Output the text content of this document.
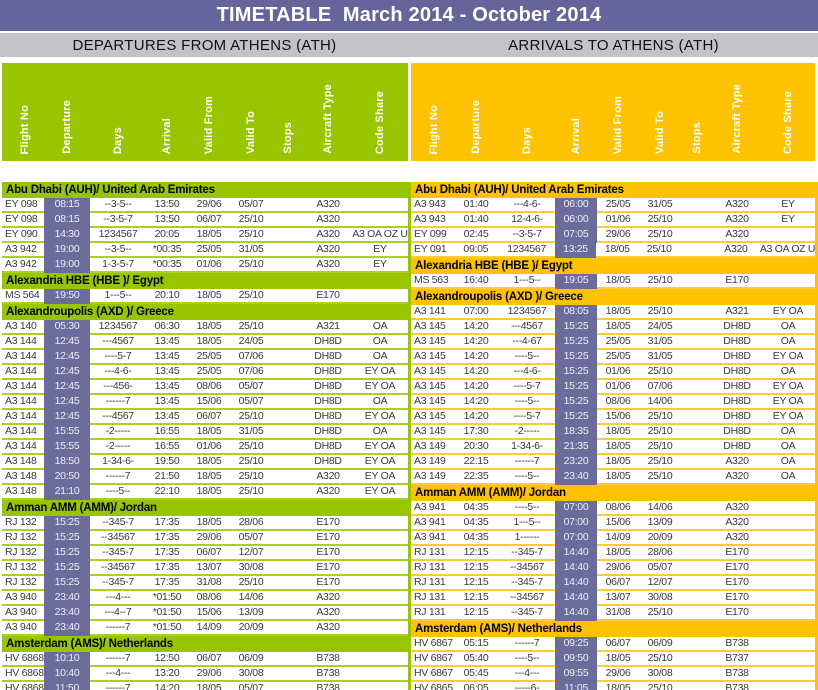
TIMETABLE  March 2014 - October 2014
DEPARTURES FROM ATHENS (ATH)	ARRIVALS TO ATHENS (ATH)
Flight No	Departure	Days	Arrival	Valid From	Valid To Stops	Aircraft Type	Code Share	Flight No	Departure	Days	Arrival	Valid From	Valid To Stops	Aircraft Type	Code Share
Abu Dhabi (AUH)/ United Arab Emirates
EY 098	08:15	--3-5--	13:50	29/06	05/07	A320
EY 098	08:15	--3-5-7	13:50	06/07	25/10	A320
EY 090	14:30	1234567	20:05	18/05	25/10	A320	A3 OA OZ U
A3 942	19:00	--3-5--	*00:35	25/05	31/05	A320	EY
A3 942	19:00	1-3-5-7	*00:35	01/06	25/10	A320	EY
Alexandria HBE (HBE )/ Egypt
MS 564	19:50	1---5--	20:10	18/05	25/10	E170
Alexandroupolis (AXD )/ Greece
A3 140	05:30	1234567	06:30	18/05	25/10	A321	OA
A3 144	12:45	---4567	13:45	18/05	24/05	DH8D	OA
A3 144	12:45	----5-7	13:45	25/05	07/06	DH8D	OA
A3 144	12:45	---4-6-	13:45	25/05	07/06	DH8D	EY OA
A3 144	12:45	---456-	13:45	08/06	05/07	DH8D	EY OA
A3 144	12:45	------7	13:45	15/06	05/07	DH8D	OA
A3 144	12:45	---4567	13:45	06/07	25/10	DH8D	EY OA
A3 144	15:55	-2-----	16:55	18/05	31/05	DH8D	OA
A3 144	15:55	-2-----	16:55	01/06	25/10	DH8D	EY OA
A3 148	18:50	1-34-6-	19:50	18/05	25/10	DH8D	EY OA
A3 148	20:50	------7	21:50	18/05	25/10	A320	EY OA
A3 148	21:10	----5--	22:10	18/05	25/10	A320	EY OA
Amman AMM (AMM)/ Jordan
RJ 132	15:25	--345-7	17:35	18/05	28/06	E170
RJ 132	15:25	--34567	17:35	29/06	05/07	E170
RJ 132	15:25	--345-7	17:35	06/07	12/07	E170
RJ 132	15:25	--34567	17:35	13/07	30/08	E170
RJ 132	15:25	--345-7	17:35	31/08	25/10	E170
A3 940	23:40	---4---	*01:50	08/06	14/06	A320
A3 940	23:40	---4--7	*01:50	15/06	13/09	A320
A3 940	23:40	------7	*01:50	14/09	20/09	A320
Amsterdam (AMS)/ Netherlands
HV 6868	10:10	------7	12:50	06/07	06/09	B738
HV 6868	10:40	---4---	13:20	29/06	30/08	B738
HV 6868	11:50	------7	14:20	18/05	05/07	B738
Abu Dhabi (AUH)/ United Arab Emirates
A3 943	01:40	---4-6-	06:00	25/05	31/05	A320	EY
A3 943	01:40	12-4-6-	06:00	01/06	25/10	A320	EY
EY 099	02:45	--3-5-7	07:05	29/06	25/10	A320
EY 091	09:05	1234567	13:25	18/05	25/10	A320	A3 OA OZ U
Alexandria HBE (HBE )/ Egypt
MS 563	16:40	1---5--	19:05	18/05	25/10	E170
Alexandroupolis (AXD )/ Greece
A3 141	07:00	1234567	08:05	18/05	25/10	A321	EY OA
A3 145	14:20	---4567	15:25	18/05	24/05	DH8D	OA
A3 145	14:20	---4-67	15:25	25/05	31/05	DH8D	OA
A3 145	14:20	----5--	15:25	25/05	31/05	DH8D	EY OA
A3 145	14:20	---4-6-	15:25	01/06	25/10	DH8D	OA
A3 145	14:20	----5-7	15:25	01/06	07/06	DH8D	EY OA
A3 145	14:20	----5--	15:25	08/06	14/06	DH8D	EY OA
A3 145	14:20	----5-7	15:25	15/06	25/10	DH8D	EY OA
A3 145	17:30	-2-----	18:35	18/05	25/10	DH8D	OA
A3 149	20:30	1-34-6-	21:35	18/05	25/10	DH8D	OA
A3 149	22:15	------7	23:20	18/05	25/10	A320	OA
A3 149	22:35	----5--	23:40	18/05	25/10	A320	OA
Amman AMM (AMM)/ Jordan
A3 941	04:35	----5--	07:00	08/06	14/06	A320
A3 941	04:35	1---5--	07:00	15/06	13/09	A320
A3 941	04:35	1------	07:00	14/09	20/09	A320
RJ 131	12:15	--345-7	14:40	18/05	28/06	E170
RJ 131	12:15	--34567	14:40	29/06	05/07	E170
RJ 131	12:15	--345-7	14:40	06/07	12/07	E170
RJ 131	12:15	--34567	14:40	13/07	30/08	E170
RJ 131	12:15	--345-7	14:40	31/08	25/10	E170
Amsterdam (AMS)/ Netherlands
HV 6867	05:15	------7	09:25	06/07	06/09	B738
HV 6867	05:40	----5--	09:50	18/05	25/10	B737
HV 6867	05:45	---4---	09:55	29/06	30/08	B738
HV 6865	06:05	-----6-	11:05	18/05	25/10	B738
